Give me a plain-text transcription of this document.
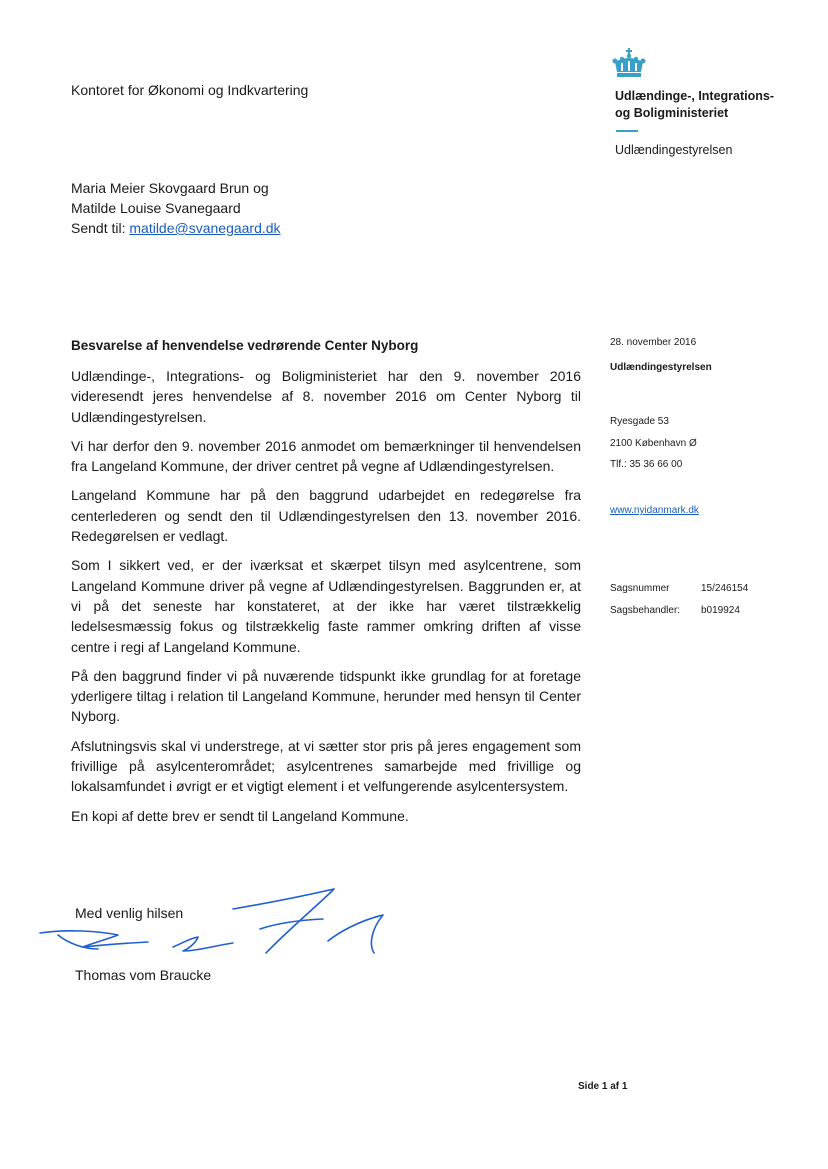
Kontoret for Økonomi og Indkvartering	Udlændinge-, Integrations-
og Boligministeriet
Udlændingestyrelsen
Maria Meier Skovgaard Brun og
Matilde Louise Svanegaard
Sendt til: matilde@svanegaard.dk
Besvarelse af henvendelse vedrørende Center Nyborg

Udlændinge-, Integrations- og Boligministeriet har den 9. november 2016 videresendt jeres henvendelse af 8. november 2016 om Center Nyborg til Udlændingestyrelsen.

Vi har derfor den 9. november 2016 anmodet om bemærkninger til henvendelsen fra Langeland Kommune, der driver centret på vegne af Udlændingestyrelsen.

Langeland Kommune har på den baggrund udarbejdet en redegørelse fra centerlederen og sendt den til Udlændingestyrelsen den 13. november 2016. Redegørelsen er vedlagt.

Som I sikkert ved, er der iværksat et skærpet tilsyn med asylcentrene, som Langeland Kommune driver på vegne af Udlændingestyrelsen. Baggrunden er, at vi på det seneste har konstateret, at der ikke har været tilstrækkelig ledelsesmæssig fokus og tilstrækkelig faste rammer omkring driften af visse centre i regi af Langeland Kommune.

På den baggrund finder vi på nuværende tidspunkt ikke grundlag for at foretage yderligere tiltag i relation til Langeland Kommune, herunder med hensyn til Center Nyborg.

Afslutningsvis skal vi understrege, at vi sætter stor pris på jeres engagement som frivillige på asylcenterområdet; asylcentrenes samarbejde med frivillige og lokalsamfundet i øvrigt er et vigtigt element i et velfungerende asylcentersystem.

En kopi af dette brev er sendt til Langeland Kommune.

28. november 2016
Udlændingestyrelsen
Ryesgade 53
2100 København Ø
Tlf.: 35 36 66 00
www.nyidanmark.dk
Sagsnummer	15/246154
Sagsbehandler:	b019924
Med venlig hilsen
Thomas vom Braucke
Side 1 af 1
